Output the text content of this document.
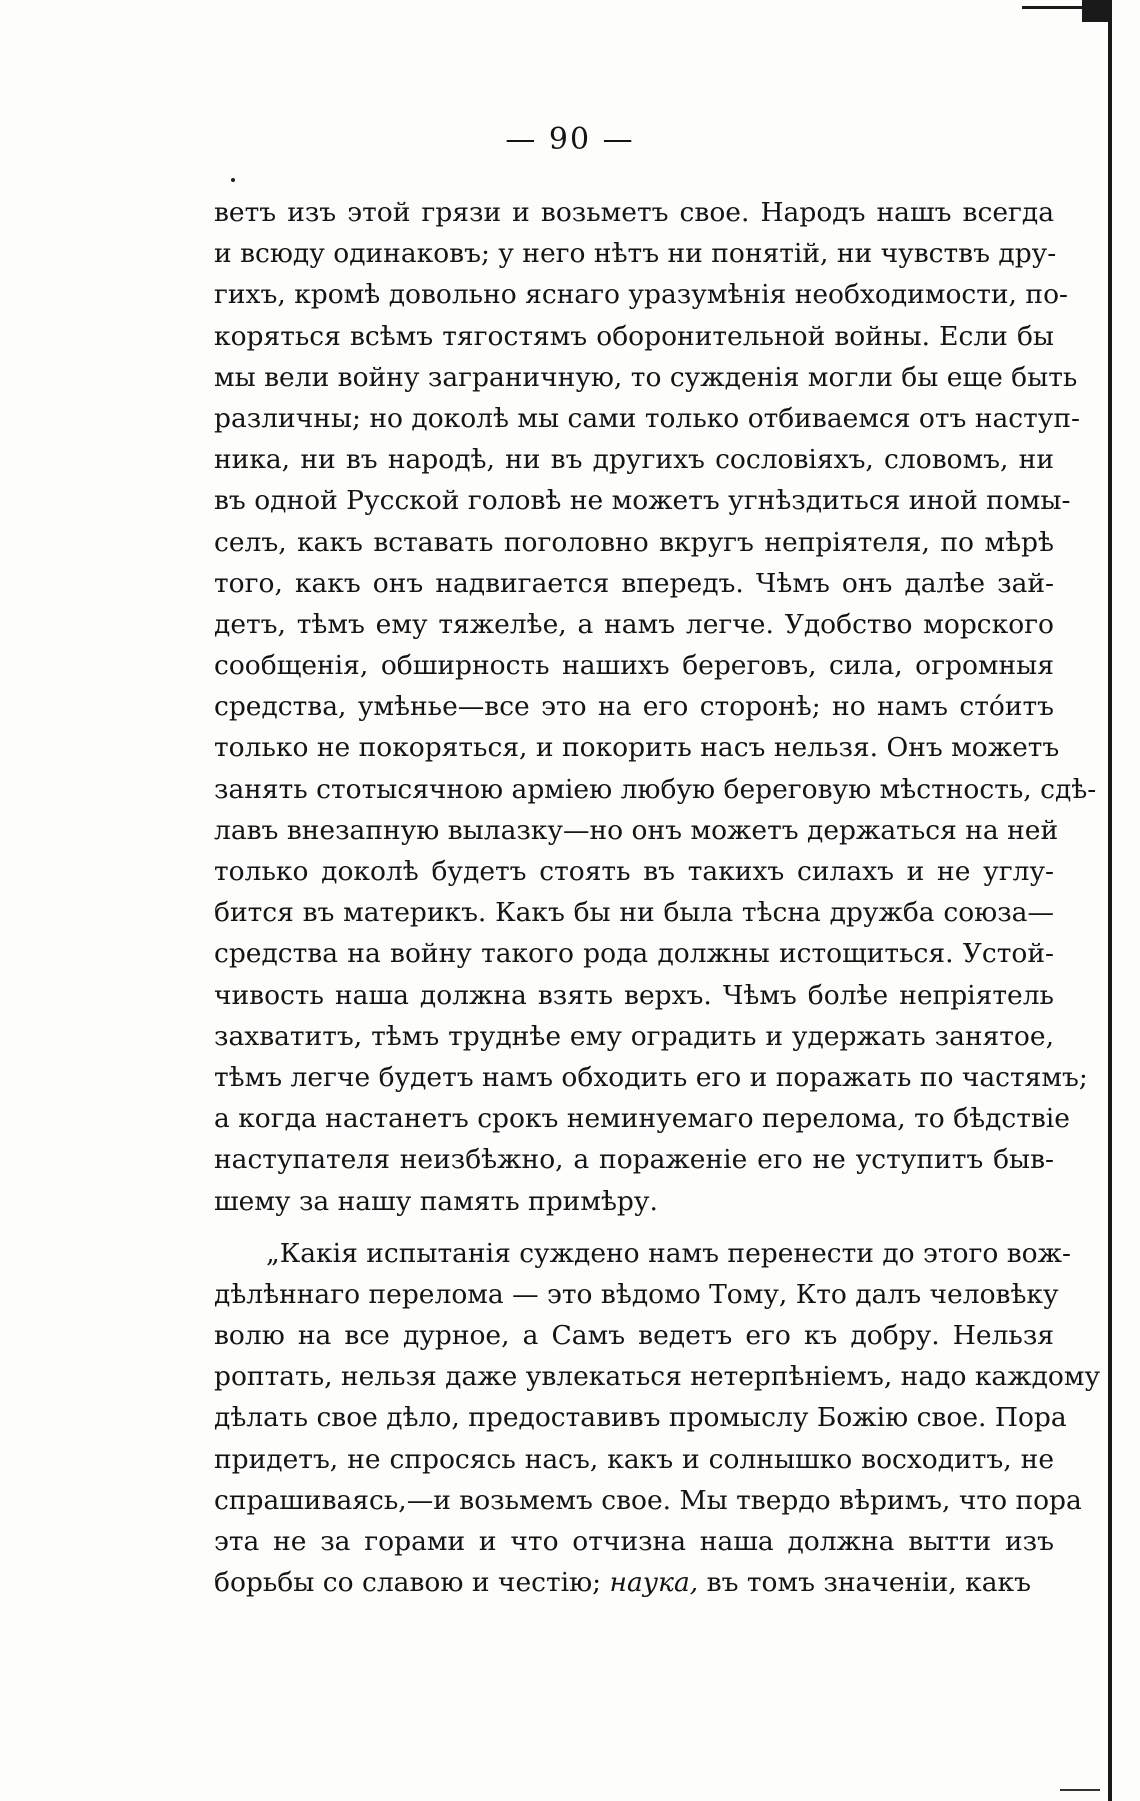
— 90 —
ветъ изъ этой грязи и возьметъ свое. Народъ нашъ всегда
и всюду одинаковъ; у него нѣтъ ни понятій, ни чувствъ дру-
гихъ, кромѣ довольно яснаго уразумѣнія необходимости, по-
коряться всѣмъ тягостямъ оборонительной войны. Если бы
мы вели войну заграничную, то сужденія могли бы еще быть
различны; но доколѣ мы сами только отбиваемся отъ наступ-
ника, ни въ народѣ, ни въ другихъ сословіяхъ, словомъ, ни
въ одной Русской головѣ не можетъ угнѣздиться иной помы-
селъ, какъ вставать поголовно вкругъ непріятеля, по мѣрѣ
того, какъ онъ надвигается впередъ. Чѣмъ онъ далѣе зай-
детъ, тѣмъ ему тяжелѣе, а намъ легче. Удобство морского
сообщенія, обширность нашихъ береговъ, сила, огромныя
средства, умѣнье—все это на его сторонѣ; но намъ стóитъ
только не покоряться, и покорить насъ нельзя. Онъ можетъ
занять стотысячною арміею любую береговую мѣстность, сдѣ-
лавъ внезапную вылазку—но онъ можетъ держаться на ней
только доколѣ будетъ стоять въ такихъ силахъ и не углу-
бится въ материкъ. Какъ бы ни была тѣсна дружба союза—
средства на войну такого рода должны истощиться. Устой-
чивость наша должна взять верхъ. Чѣмъ болѣе непріятель
захватитъ, тѣмъ труднѣе ему оградить и удержать занятое,
тѣмъ легче будетъ намъ обходить его и поражать по частямъ;
а когда настанетъ срокъ неминуемаго перелома, то бѣдствіе
наступателя неизбѣжно, а пораженіе его не уступитъ быв-
шему за нашу память примѣру.
„Какія испытанія суждено намъ перенести до этого вож-
дѣлѣннаго перелома — это вѣдомо Тому, Кто далъ человѣку
волю на все дурное, а Самъ ведетъ его къ добру. Нельзя
роптать, нельзя даже увлекаться нетерпѣніемъ, надо каждому
дѣлать свое дѣло, предоставивъ промыслу Божію свое. Пора
придетъ, не спросясь насъ, какъ и солнышко восходитъ, не
спрашиваясь,—и возьмемъ свое. Мы твердо вѣримъ, что пора
эта не за горами и что отчизна наша должна вытти изъ
борьбы со славою и честію; наука, въ томъ значеніи, какъ
